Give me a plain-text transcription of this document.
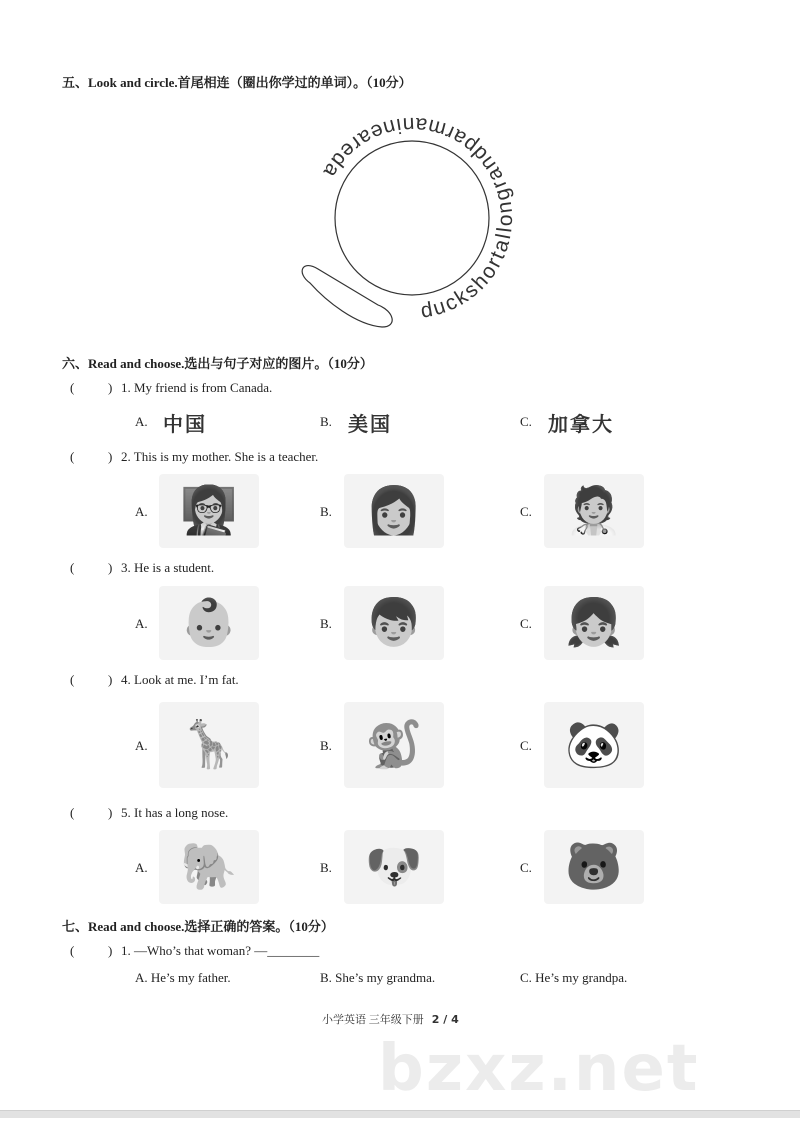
bzxz.net
五、Look and circle.首尾相连（圈出你学过的单词）。（10分）
duckshortallongrandparmanineareda
六、Read and choose.选出与句子对应的图片。（10分）
(	) 1. My friend is from Canada.
A. 中国	B. 美国	C. 加拿大
(	) 2. This is my mother. She is a teacher.
A. 👩‍🏫	B. 👩	C. 🧑‍⚕️
(	) 3. He is a student.
A. 👶	B. 👦	C. 👧
(	) 4. Look at me. I’m fat.
A. 🦒	B. 🐒	C. 🐼
(	) 5. It has a long nose.
A. 🐘	B. 🐶	C. 🐻
七、Read and choose.选择正确的答案。（10分）
(	) 1. —Who’s that woman? —________
A. He’s my father.	B. She’s my grandma.	C. He’s my grandpa.
小学英语 三年级下册 2 / 4
